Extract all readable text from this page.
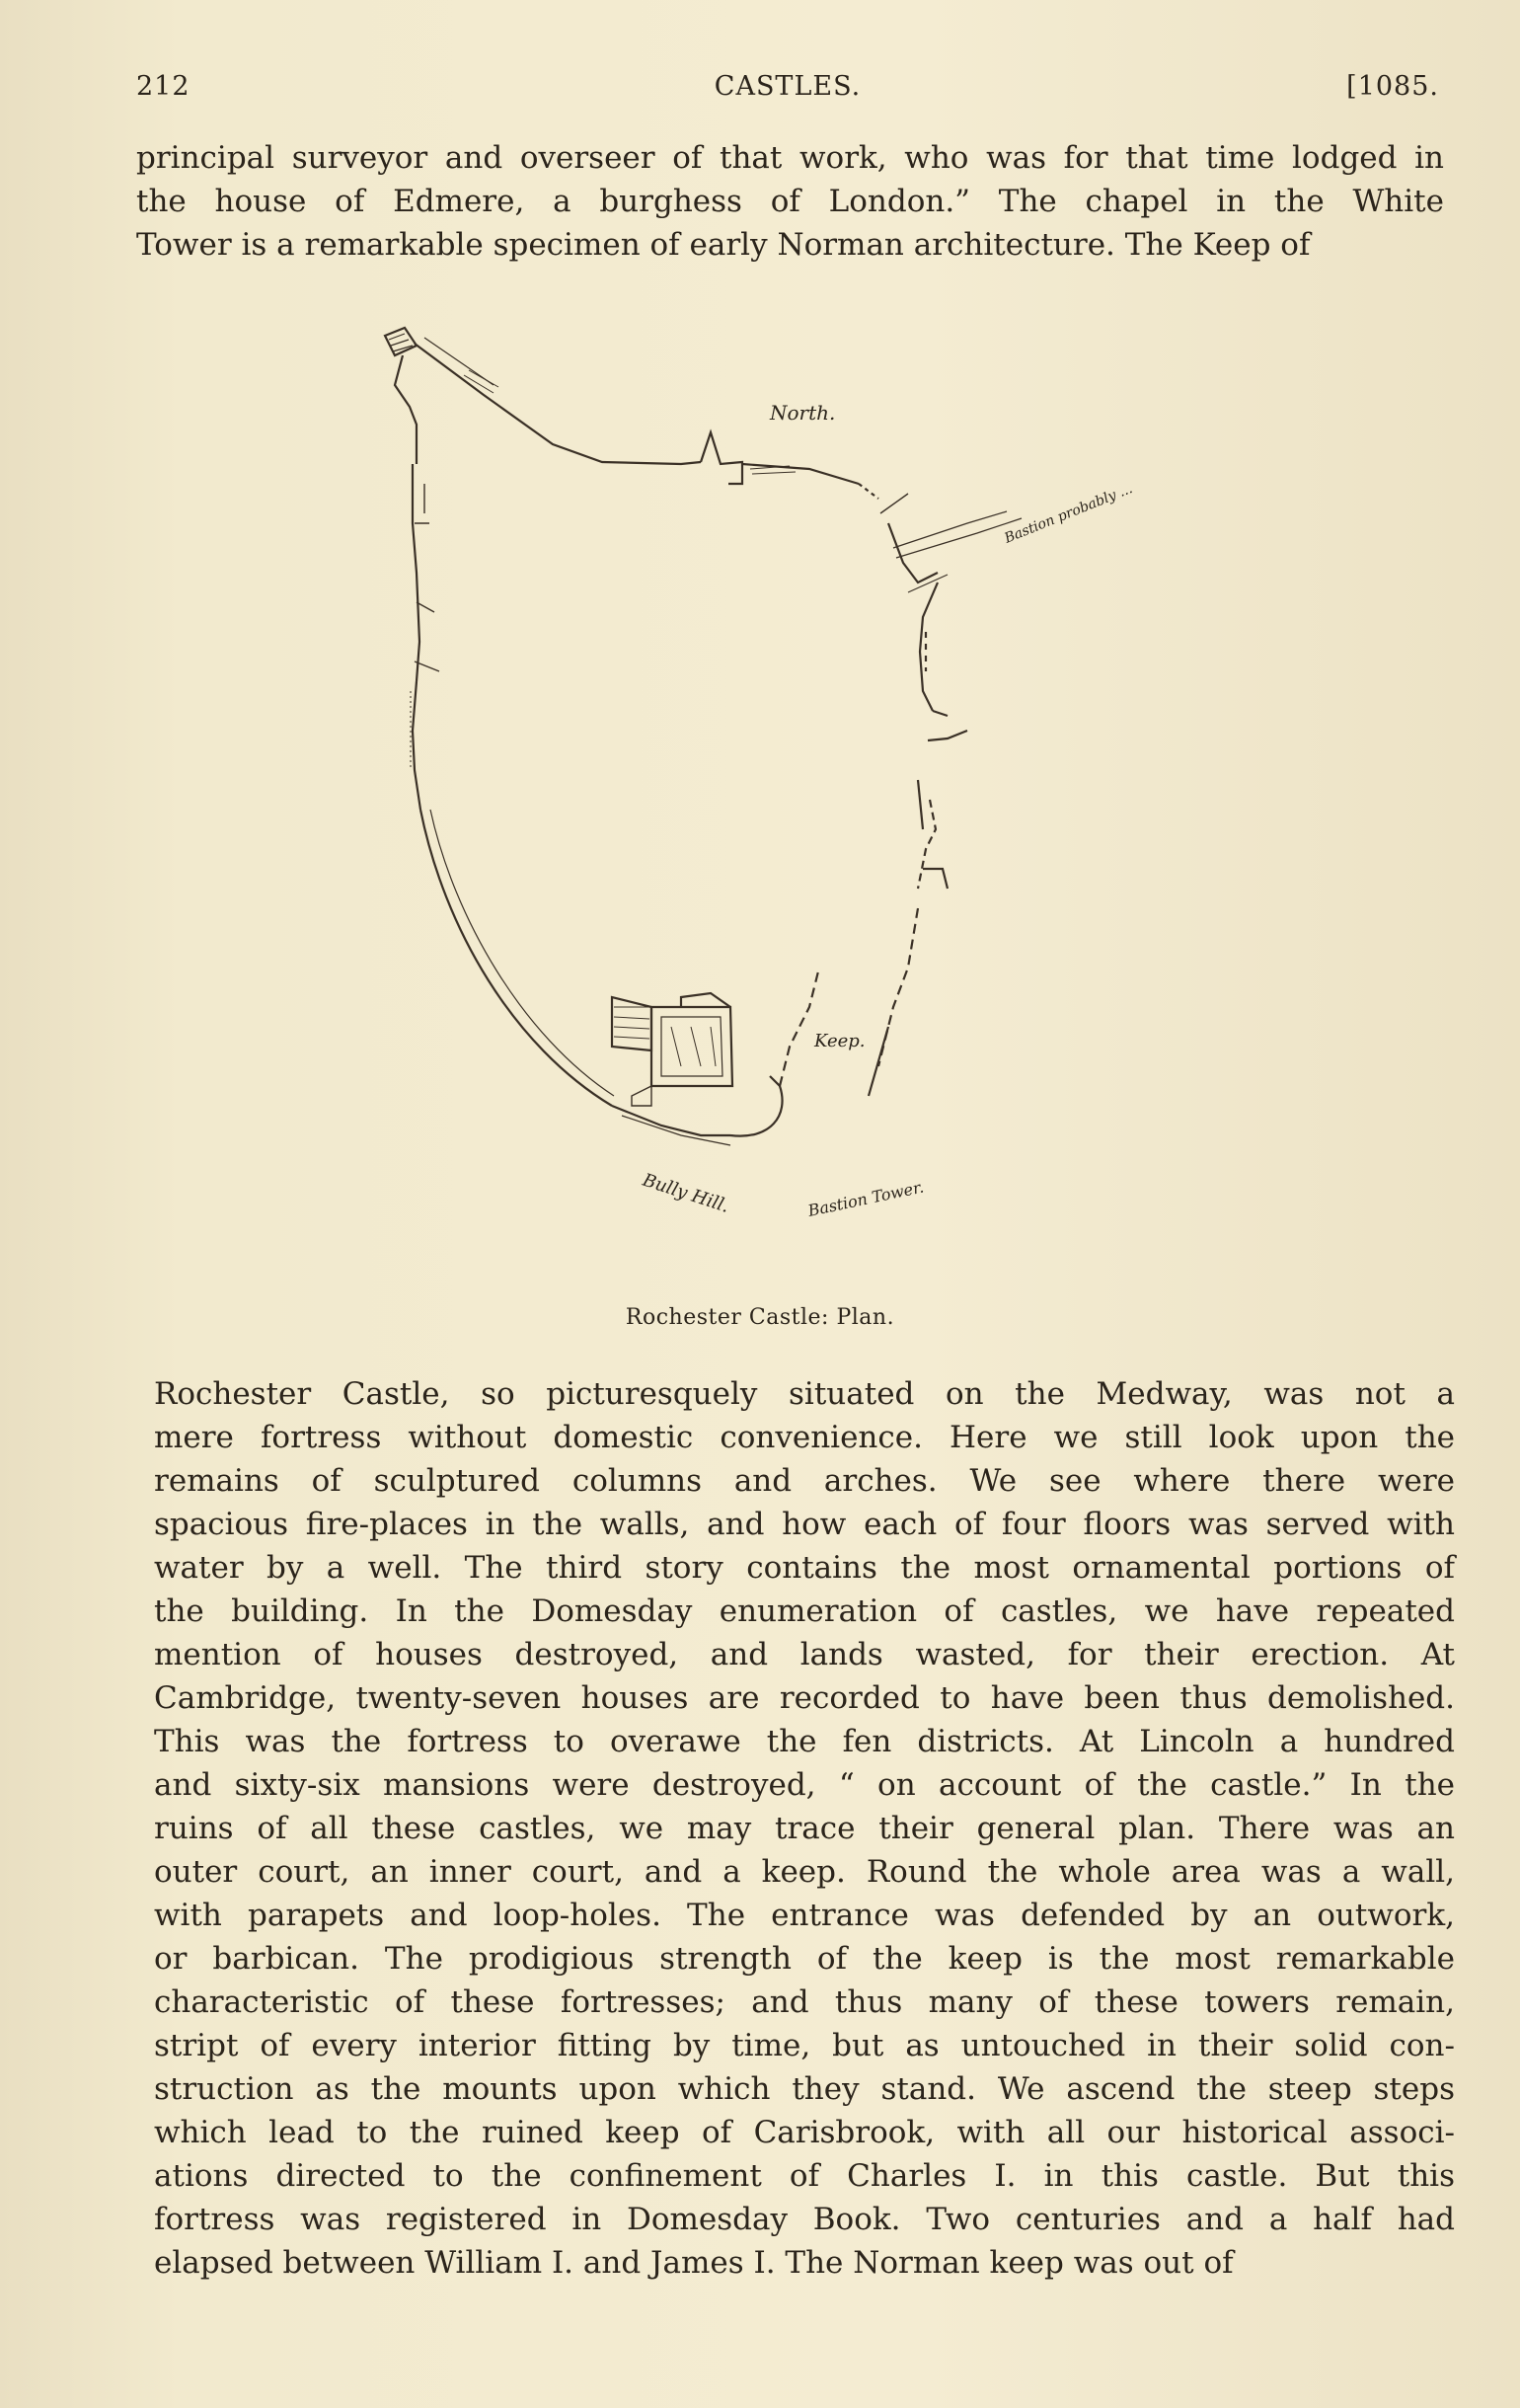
212	CASTLES.	[1085.
principal surveyor and overseer of that work, who was for that time lodged in
the house of Edmere, a burghess of London.” The chapel in the White
Tower is a remarkable specimen of early Norman architecture. The Keep of
North.
Keep.
Bully Hill.	Bastion Tower.
Bastion probably ...
Rochester Castle: Plan.
Rochester Castle, so picturesquely situated on the Medway, was not a
mere fortress without domestic convenience. Here we still look upon the
remains of sculptured columns and arches. We see where there were
spacious fire-places in the walls, and how each of four floors was served with
water by a well. The third story contains the most ornamental portions of
the building. In the Domesday enumeration of castles, we have repeated
mention of houses destroyed, and lands wasted, for their erection. At
Cambridge, twenty-seven houses are recorded to have been thus demolished.
This was the fortress to overawe the fen districts. At Lincoln a hundred
and sixty-six mansions were destroyed, “ on account of the castle.” In the
ruins of all these castles, we may trace their general plan. There was an
outer court, an inner court, and a keep. Round the whole area was a wall,
with parapets and loop-holes. The entrance was defended by an outwork,
or barbican. The prodigious strength of the keep is the most remarkable
characteristic of these fortresses; and thus many of these towers remain,
stript of every interior fitting by time, but as untouched in their solid con-
struction as the mounts upon which they stand. We ascend the steep steps
which lead to the ruined keep of Carisbrook, with all our historical associ-
ations directed to the confinement of Charles I. in this castle. But this
fortress was registered in Domesday Book. Two centuries and a half had
elapsed between William I. and James I. The Norman keep was out of
